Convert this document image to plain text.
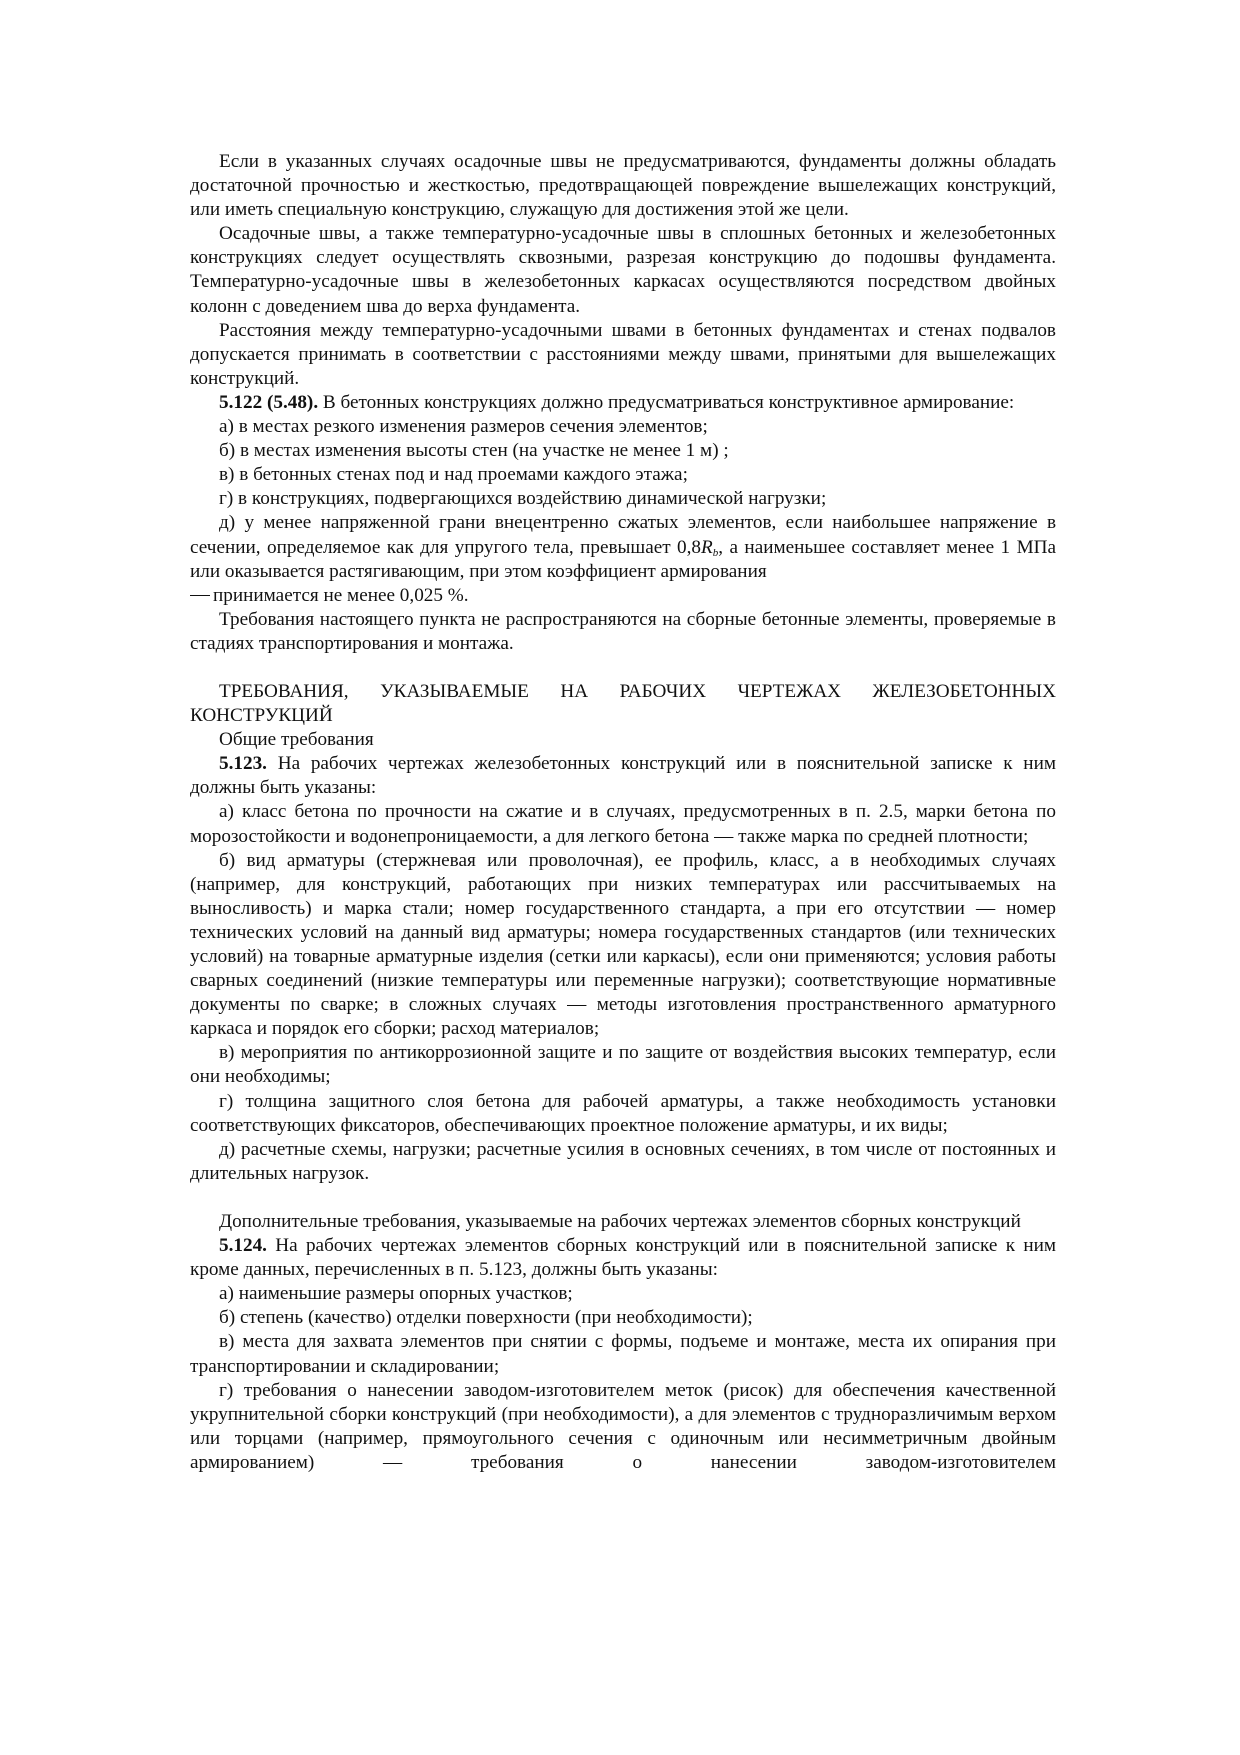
Если в указанных случаях осадочные швы не предусматриваются, фундаменты должны обладать достаточной прочностью и жесткостью, предотвращающей повреждение вышележащих конструкций, или иметь специальную конструкцию, служащую для достижения этой же цели.

Осадочные швы, а также температурно-усадочные швы в сплошных бетонных и железобетонных конструкциях следует осуществлять сквозными, разрезая конструкцию до подошвы фундамента. Температурно-усадочные швы в железобетонных каркасах осуществляются посредством двойных колонн с доведением шва до верха фундамента.

Расстояния между температурно-усадочными швами в бетонных фундаментах и стенах подвалов допускается принимать в соответствии с расстояниями между швами, принятыми для вышележащих конструкций.

5.122 (5.48). В бетонных конструкциях должно предусматриваться конструктивное армирование:

а) в местах резкого изменения размеров сечения элементов;

б) в местах изменения высоты стен (на участке не менее 1 м) ;

в) в бетонных стенах под и над проемами каждого этажа;

г) в конструкциях, подвергающихся воздействию динамической нагрузки;

д) у менее напряженной грани внецентренно сжатых элементов, если наибольшее напряжение в сечении, определяемое как для упругого тела, превышает $0,8R_b$, а наименьшее составляет менее 1 МПа или оказывается растягивающим, при этом коэффициент армирования
принимается не менее 0,025 %.

Требования настоящего пункта не распространяются на сборные бетонные элементы, проверяемые в стадиях транспортирования и монтажа.

ТРЕБОВАНИЯ, УКАЗЫВАЕМЫЕ НА РАБОЧИХ ЧЕРТЕЖАХ ЖЕЛЕЗОБЕТОННЫХ КОНСТРУКЦИЙ

Общие требования

5.123. На рабочих чертежах железобетонных конструкций или в пояснительной записке к ним должны быть указаны:

а) класс бетона по прочности на сжатие и в случаях, предусмотренных в п. 2.5, марки бетона по морозостойкости и водонепроницаемости, а для легкого бетона — также марка по средней плотности;

б) вид арматуры (стержневая или проволочная), ее профиль, класс, а в необходимых случаях (например, для конструкций, работающих при низких температурах или рассчитываемых на выносливость) и марка стали; номер государственного стандарта, а при его отсутствии — номер технических условий на данный вид арматуры; номера государственных стандартов (или технических условий) на товарные арматурные изделия (сетки или каркасы), если они применяются; условия работы сварных соединений (низкие температуры или переменные нагрузки); соответствующие нормативные документы по сварке; в сложных случаях — методы изготовления пространственного арматурного каркаса и порядок его сборки; расход материалов;

в) мероприятия по антикоррозионной защите и по защите от воздействия высоких температур, если они необходимы;

г) толщина защитного слоя бетона для рабочей арматуры, а также необходимость установки соответствующих фиксаторов, обеспечивающих проектное положение арматуры, и их виды;

д) расчетные схемы, нагрузки; расчетные усилия в основных сечениях, в том числе от постоянных и длительных нагрузок.

Дополнительные требования, указываемые на рабочих чертежах элементов сборных конструкций

5.124. На рабочих чертежах элементов сборных конструкций или в пояснительной записке к ним кроме данных, перечисленных в п. 5.123, должны быть указаны:

а) наименьшие размеры опорных участков;

б) степень (качество) отделки поверхности (при необходимости);

в) места для захвата элементов при снятии с формы, подъеме и монтаже, места их опирания при транспортировании и складировании;

г) требования о нанесении заводом-изготовителем меток (рисок) для обеспечения качественной укрупнительной сборки конструкций (при необходимости), а для элементов с трудноразличимым верхом или торцами (например, прямоугольного сечения с одиночным или несимметричным двойным армированием) — требования о нанесении заводом-изготовителем
